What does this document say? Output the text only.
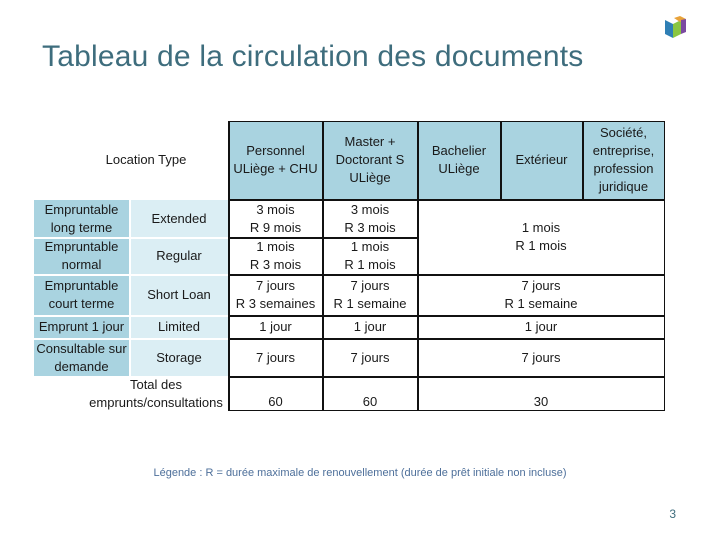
Tableau de la circulation des documents
Location Type
Personnel ULiège + CHU
Master + Doctorant S ULiège
Bachelier ULiège
Extérieur
Société, entreprise, profession juridique
Empruntable long terme
Empruntable normal
Empruntable court terme
Emprunt 1 jour
Consultable sur demande
Extended
Regular
Short Loan
Limited
Storage
Total des emprunts/consultations
3 mois
R 9 mois
1 mois
R 3 mois
7 jours
R 3 semaines
1 jour
7 jours
60
3 mois
R 3 mois
1 mois
R 1 mois
7 jours
R 1 semaine
1 jour
7 jours
60
1 mois
R 1 mois
7 jours
R 1 semaine
1 jour
7 jours
30
Légende : R = durée maximale de renouvellement (durée de prêt initiale non incluse)
3
